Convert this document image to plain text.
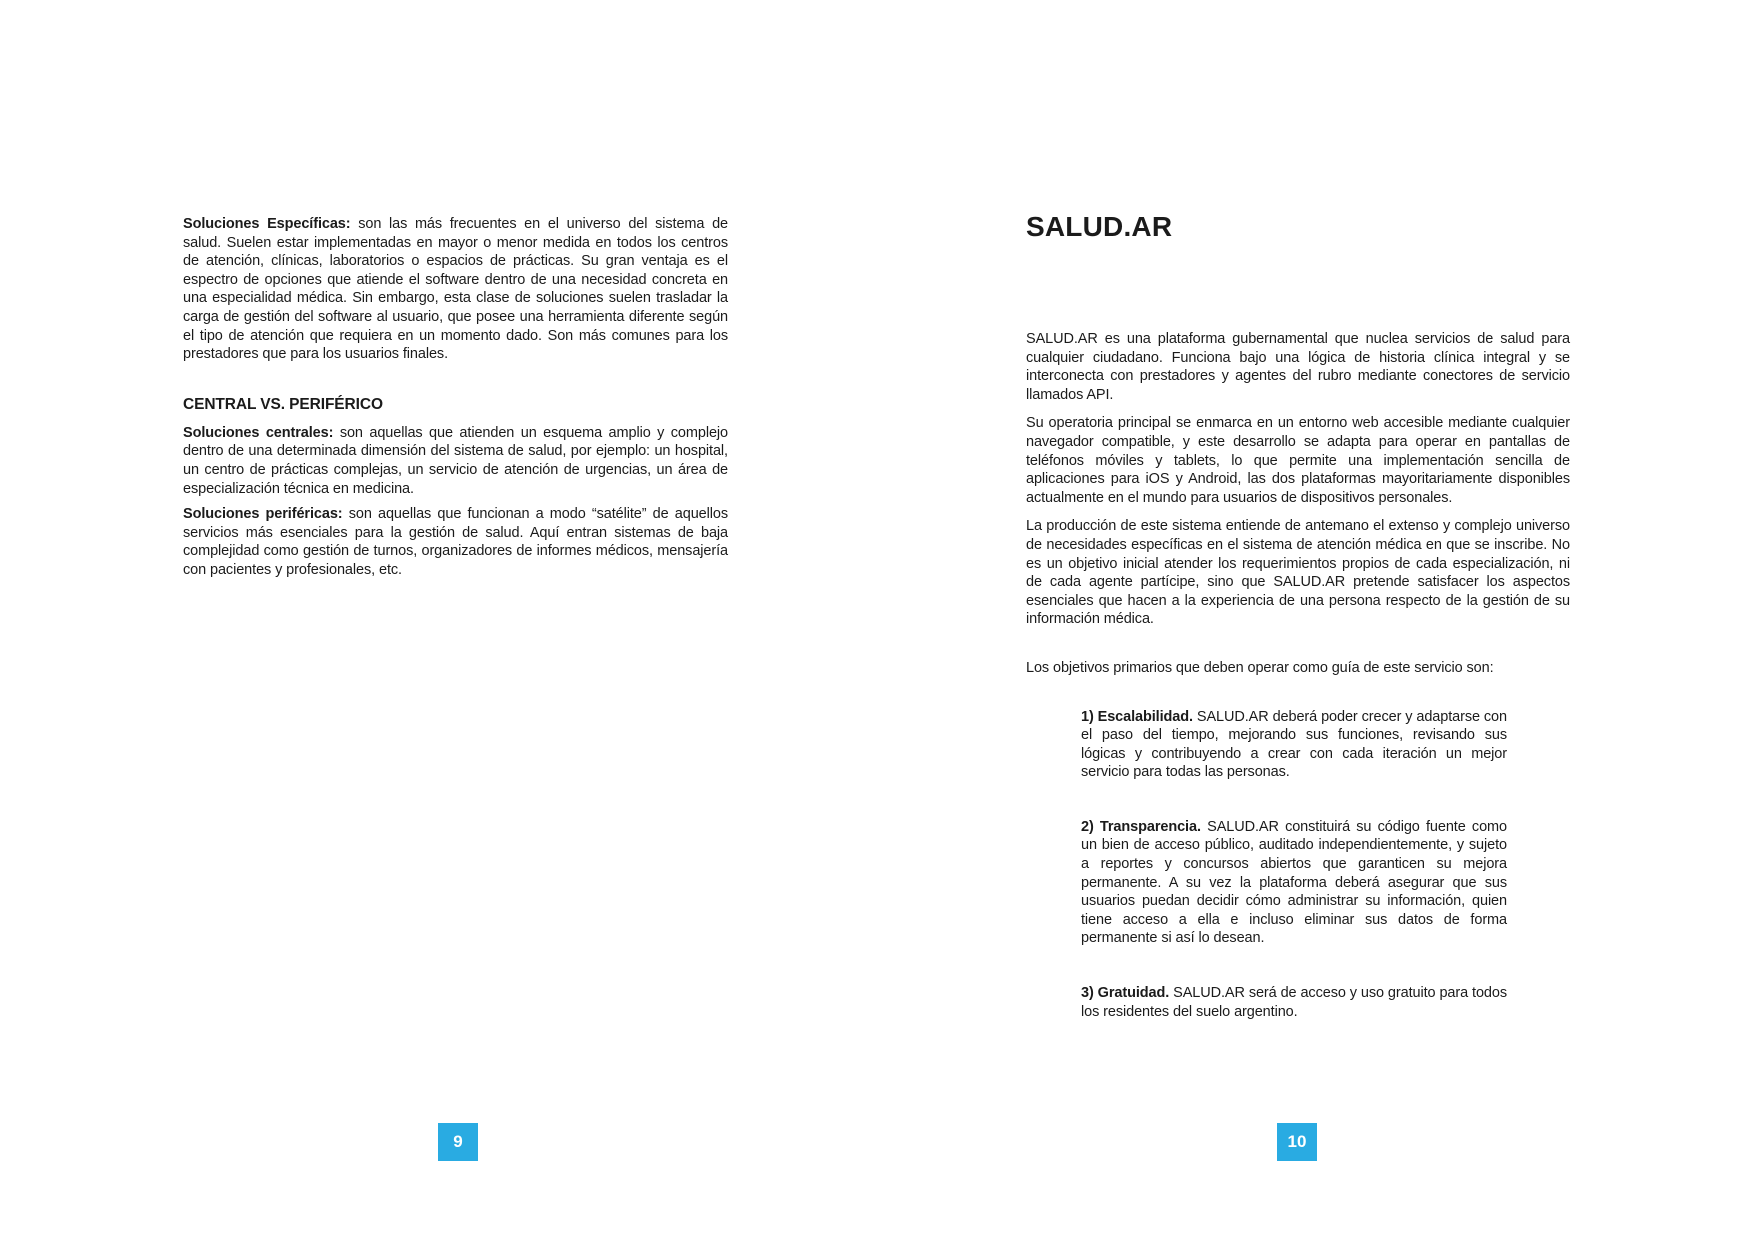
Soluciones Específicas: son las más frecuentes en el universo del sistema de salud. Suelen estar implementadas en mayor o menor medida en todos los centros de atención, clínicas, laboratorios o espacios de prácticas. Su gran ventaja es el espectro de opciones que atiende el software dentro de una necesidad concreta en una especialidad médica. Sin embargo, esta clase de soluciones suelen trasladar la carga de gestión del software al usuario, que posee una herramienta diferente según el tipo de atención que requiera en un momento dado. Son más comunes para los prestadores que para los usuarios finales.

CENTRAL VS. PERIFÉRICO

Soluciones centrales: son aquellas que atienden un esquema amplio y complejo dentro de una determinada dimensión del sistema de salud, por ejemplo: un hospital, un centro de prácticas complejas, un servicio de atención de urgencias, un área de especialización técnica en medicina.

Soluciones periféricas: son aquellas que funcionan a modo “satélite” de aquellos servicios más esenciales para la gestión de salud. Aquí entran sistemas de baja complejidad como gestión de turnos, organizadores de informes médicos, mensajería con pacientes y profesionales, etc.

SALUD.AR

SALUD.AR es una plataforma gubernamental que nuclea servicios de salud para cualquier ciudadano. Funciona bajo una lógica de historia clínica integral y se interconecta con prestadores y agentes del rubro mediante conectores de servicio llamados API.

Su operatoria principal se enmarca en un entorno web accesible mediante cualquier navegador compatible, y este desarrollo se adapta para operar en pantallas de teléfonos móviles y tablets, lo que permite una implementación sencilla de aplicaciones para iOS y Android, las dos plataformas mayoritariamente disponibles actualmente en el mundo para usuarios de dispositivos personales.

La producción de este sistema entiende de antemano el extenso y complejo universo de necesidades específicas en el sistema de atención médica en que se inscribe. No es un objetivo inicial atender los requerimientos propios de cada especialización, ni de cada agente partícipe, sino que SALUD.AR pretende satisfacer los aspectos esenciales que hacen a la experiencia de una persona respecto de la gestión de su información médica.

Los objetivos primarios que deben operar como guía de este servicio son:

1) Escalabilidad. SALUD.AR deberá poder crecer y adaptarse con el paso del tiempo, mejorando sus funciones, revisando sus lógicas y contribuyendo a crear con cada iteración un mejor servicio para todas las personas.
2) Transparencia. SALUD.AR constituirá su código fuente como un bien de acceso público, auditado independientemente, y sujeto a reportes y concursos abiertos que garanticen su mejora permanente. A su vez la plataforma deberá asegurar que sus usuarios puedan decidir cómo administrar su información, quien tiene acceso a ella e incluso eliminar sus datos de forma permanente si así lo desean.
3) Gratuidad. SALUD.AR será de acceso y uso gratuito para todos los residentes del suelo argentino.
9	10
